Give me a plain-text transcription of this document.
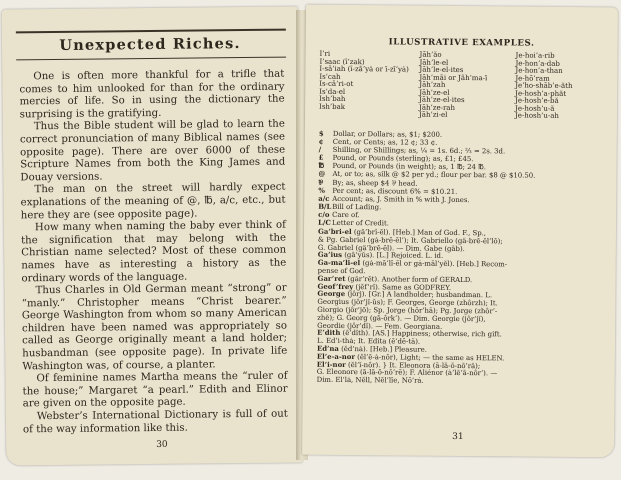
Unexpected Riches.

One is often more thankful for a trifle that comes to him unlooked for than for the ordinary mercies of life. So in using the dictionary the surprising is the gratifying.

Thus the Bible student will be glad to learn the correct pronunciation of many Biblical names (see opposite page). There are over 6000 of these Scripture Names from both the King James and Douay versions.

The man on the street will hardly expect explanations of the meaning of @, ℔, a/c, etc., but here they are (see opposite page).

How many when naming the baby ever think of the signification that may belong with the Christian name selected? Most of these common names have as interesting a history as the ordinary words of the language.

Thus Charles in Old German meant “strong” or “manly.” Christopher means “Christ bearer.” George Washington from whom so many American children have been named was appropriately so called as George originally meant a land holder; husbandman (see opposite page). In private life Washington was, of course, a planter.

Of feminine names Martha means the “ruler of the house;” Margaret “a pearl.” Edith and Elinor are given on the opposite page.

Webster’s International Dictionary is full of out of the way information like this.

30
ILLUSTRATIVE EXAMPLES.
I’ri
I’saac (ī’zak)
I-sā’iah (ī-zā’yȧ or ī-zī’yȧ)
Is’cah
Is-cā’ri-ot
Is’da-el
Ish’bah
Ish’bak
Jāh’ăo
Jāh’le-el
Jāh’le-el-ites
Jāh’māi or Jāh’ma-ī
Jāh’zah
Jāh’ze-el
Jāh’ze-el-ites
Jāh’ze-rah
Jāh’zi-el
Je-hoi’a-rib
Je-hon’a-dab
Je-hon’a-than
Je-hō’ram
Je’ho-shāb’e-ăth
Je-hosh’a-phăt
Je-hosh’e-bă
Je-hosh’u-ă
Je-hosh’u-ah
$ Dollar, or Dollars; as, $1; $200.
¢ Cent, or Cents; as, 12 ¢; 33 ¢.
/ Shilling, or Shillings; as, ¼ = 1s. 6d.; ⅔ = 2s. 3d.
£ Pound, or Pounds (sterling); as, £1; £45.
℔ Pound, or Pounds (in weight); as, 1 ℔; 24 ℔.
@ At, or to; as, silk @ $2 per yd.; flour per bar. $8 @ $10.50.
⅌ By; as, sheep $4 ⅌ head.
% Per cent; as, discount 6% = $10.21.
a/c Account; as, J. Smith in % with J. Jones.
B/LBill of Lading.
c/o Care of.
L/CLetter of Credit.
Ga’bri-el (gā’brĭ-ĕl). [Heb.] Man of God. F., Sp.,
& Pg. Gabriel (gȧ-brē-ĕl’); It. Gabriello (gä-brē-ĕl’lō);
G. Gabriel (gä’brē-ĕl). — Dim. Gabe (gāb).
Ga’ius (gā’yŭs). [L.] Rejoiced. L. id.
Ga-ma’li-el (gȧ-mā’lĭ-ĕl or gȧ-māl’yĕl). [Heb.] Recom-
pense of God.
Gar’ret (găr’rĕt). Another form of GERALD.
Geof’frey (jĕf’rĭ). Same as GODFREY.
George (jôrj). [Gr.] A landholder; husbandman. L.
Georgius (jôr’jĭ-ŭs); F. Georges, George (zhôrzh); It.
Giorgio (jôr’jō); Sp. Jorge (hôr’hā); Pg. Jorge (zhôr’-
zhĕ); G. Georg (gā-ôrk’). — Dim. Georgie (jôr’jĭ),
Geordie (jôr’dĭ). — Fem. Georgiana.
E’dith (ē’dĭth). [AS.] Happiness; otherwise, rich gift.
L. Ed’i-thȧ; It. Edita (ĕ’dē-tä).
Ed’na (ĕd’nȧ). [Heb.] Pleasure.
El’e-a-nor (ĕl’ē-ȧ-nôr), Light; — the same as HELEN.
El’i-nor (ĕl’ĭ-nôr). } It. Eleonora (ā-lā-ō-nō’rä);
G. Eleonore (ā-lā-ō-nō’rĕ); F. Aliénor (ȧ’lē’ā-nôr’). —
Dim. El’lȧ, Nĕll, Nĕl’lĭe, Nō’rȧ.
31
